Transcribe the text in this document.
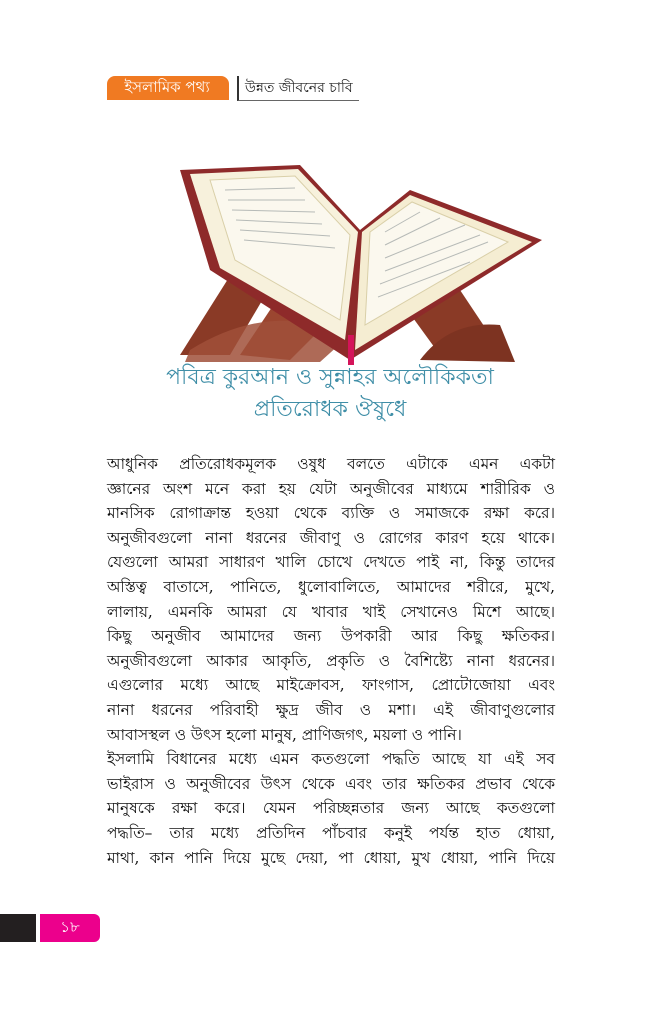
ইসলামিক পথ্য	উন্নত জীবনের চাবি
পবিত্র কুরআন ও সুন্নাহর অলৌকিকতা
প্রতিরোধক ঔষুধে

আধুনিক প্রতিরোধকমূলক ওষুধ বলতে এটাকে এমন একটা

জ্ঞানের অংশ মনে করা হয় যেটা অনুজীবের মাধ্যমে শারীরিক ও

মানসিক রোগাক্রান্ত হওয়া থেকে ব্যক্তি ও সমাজকে রক্ষা করে।

অনুজীবগুলো নানা ধরনের জীবাণু ও রোগের কারণ হয়ে থাকে।

যেগুলো আমরা সাধারণ খালি চোখে দেখতে পাই না, কিন্তু তাদের

অস্তিত্ব বাতাসে, পানিতে, ধুলোবালিতে, আমাদের শরীরে, মুখে,

লালায়, এমনকি আমরা যে খাবার খাই সেখানেও মিশে আছে।

কিছু অনুজীব আমাদের জন্য উপকারী আর কিছু ক্ষতিকর।

অনুজীবগুলো আকার আকৃতি, প্রকৃতি ও বৈশিষ্ট্যে নানা ধরনের।

এগুলোর মধ্যে আছে মাইক্রোবস, ফাংগাস, প্রোটোজোয়া এবং

নানা ধরনের পরিবাহী ক্ষুদ্র জীব ও মশা। এই জীবাণুগুলোর

আবাসস্থল ও উৎস হলো মানুষ, প্রাণিজগৎ, ময়লা ও পানি।

ইসলামি বিধানের মধ্যে এমন কতগুলো পদ্ধতি আছে যা এই সব

ভাইরাস ও অনুজীবের উৎস থেকে এবং তার ক্ষতিকর প্রভাব থেকে

মানুষকে রক্ষা করে। যেমন পরিচ্ছন্নতার জন্য আছে কতগুলো

পদ্ধতি– তার মধ্যে প্রতিদিন পাঁচবার কনুই পর্যন্ত হাত ধোয়া,

মাথা, কান পানি দিয়ে মুছে দেয়া, পা ধোয়া, মুখ ধোয়া, পানি দিয়ে

১৮
